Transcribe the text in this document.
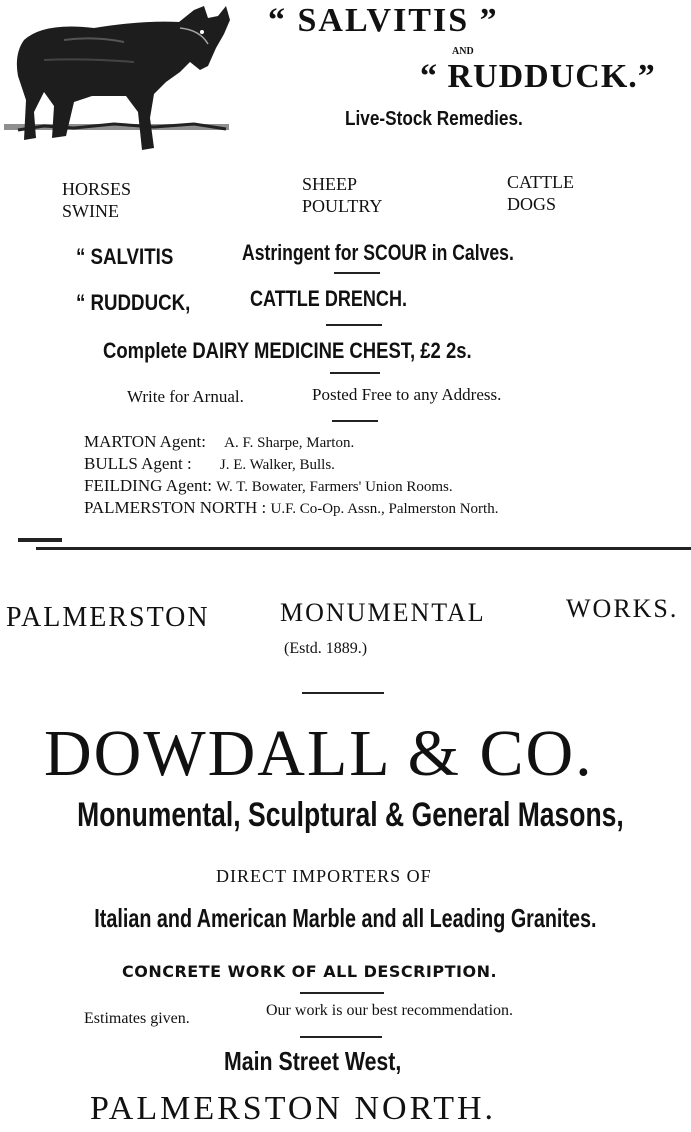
“ SALVITIS ”
AND
“ RUDDUCK.”
Live-Stock Remedies.
HORSES
SWINE
SHEEP
POULTRY
CATTLE
DOGS
“ SALVITIS	Astringent for SCOUR in Calves.
“ RUDDUCK,	CATTLE DRENCH.
Complete DAIRY MEDICINE CHEST, £2 2s.
Write for Arnual.	Posted Free to any Address.
MARTON Agent: A. F. Sharpe, Marton.
BULLS Agent : J. E. Walker, Bulls.
FEILDING Agent: W. T. Bowater, Farmers' Union Rooms.
PALMERSTON NORTH : U.F. Co-Op. Assn., Palmerston North.
PALMERSTON	MONUMENTAL	WORKS.
(Estd. 1889.)
DOWDALL & CO.
Monumental, Sculptural & General Masons,
DIRECT IMPORTERS OF
Italian and American Marble and all Leading Granites.
CONCRETE WORK OF ALL DESCRIPTION.
Estimates given.	Our work is our best recommendation.
Main Street West,
PALMERSTON NORTH.
